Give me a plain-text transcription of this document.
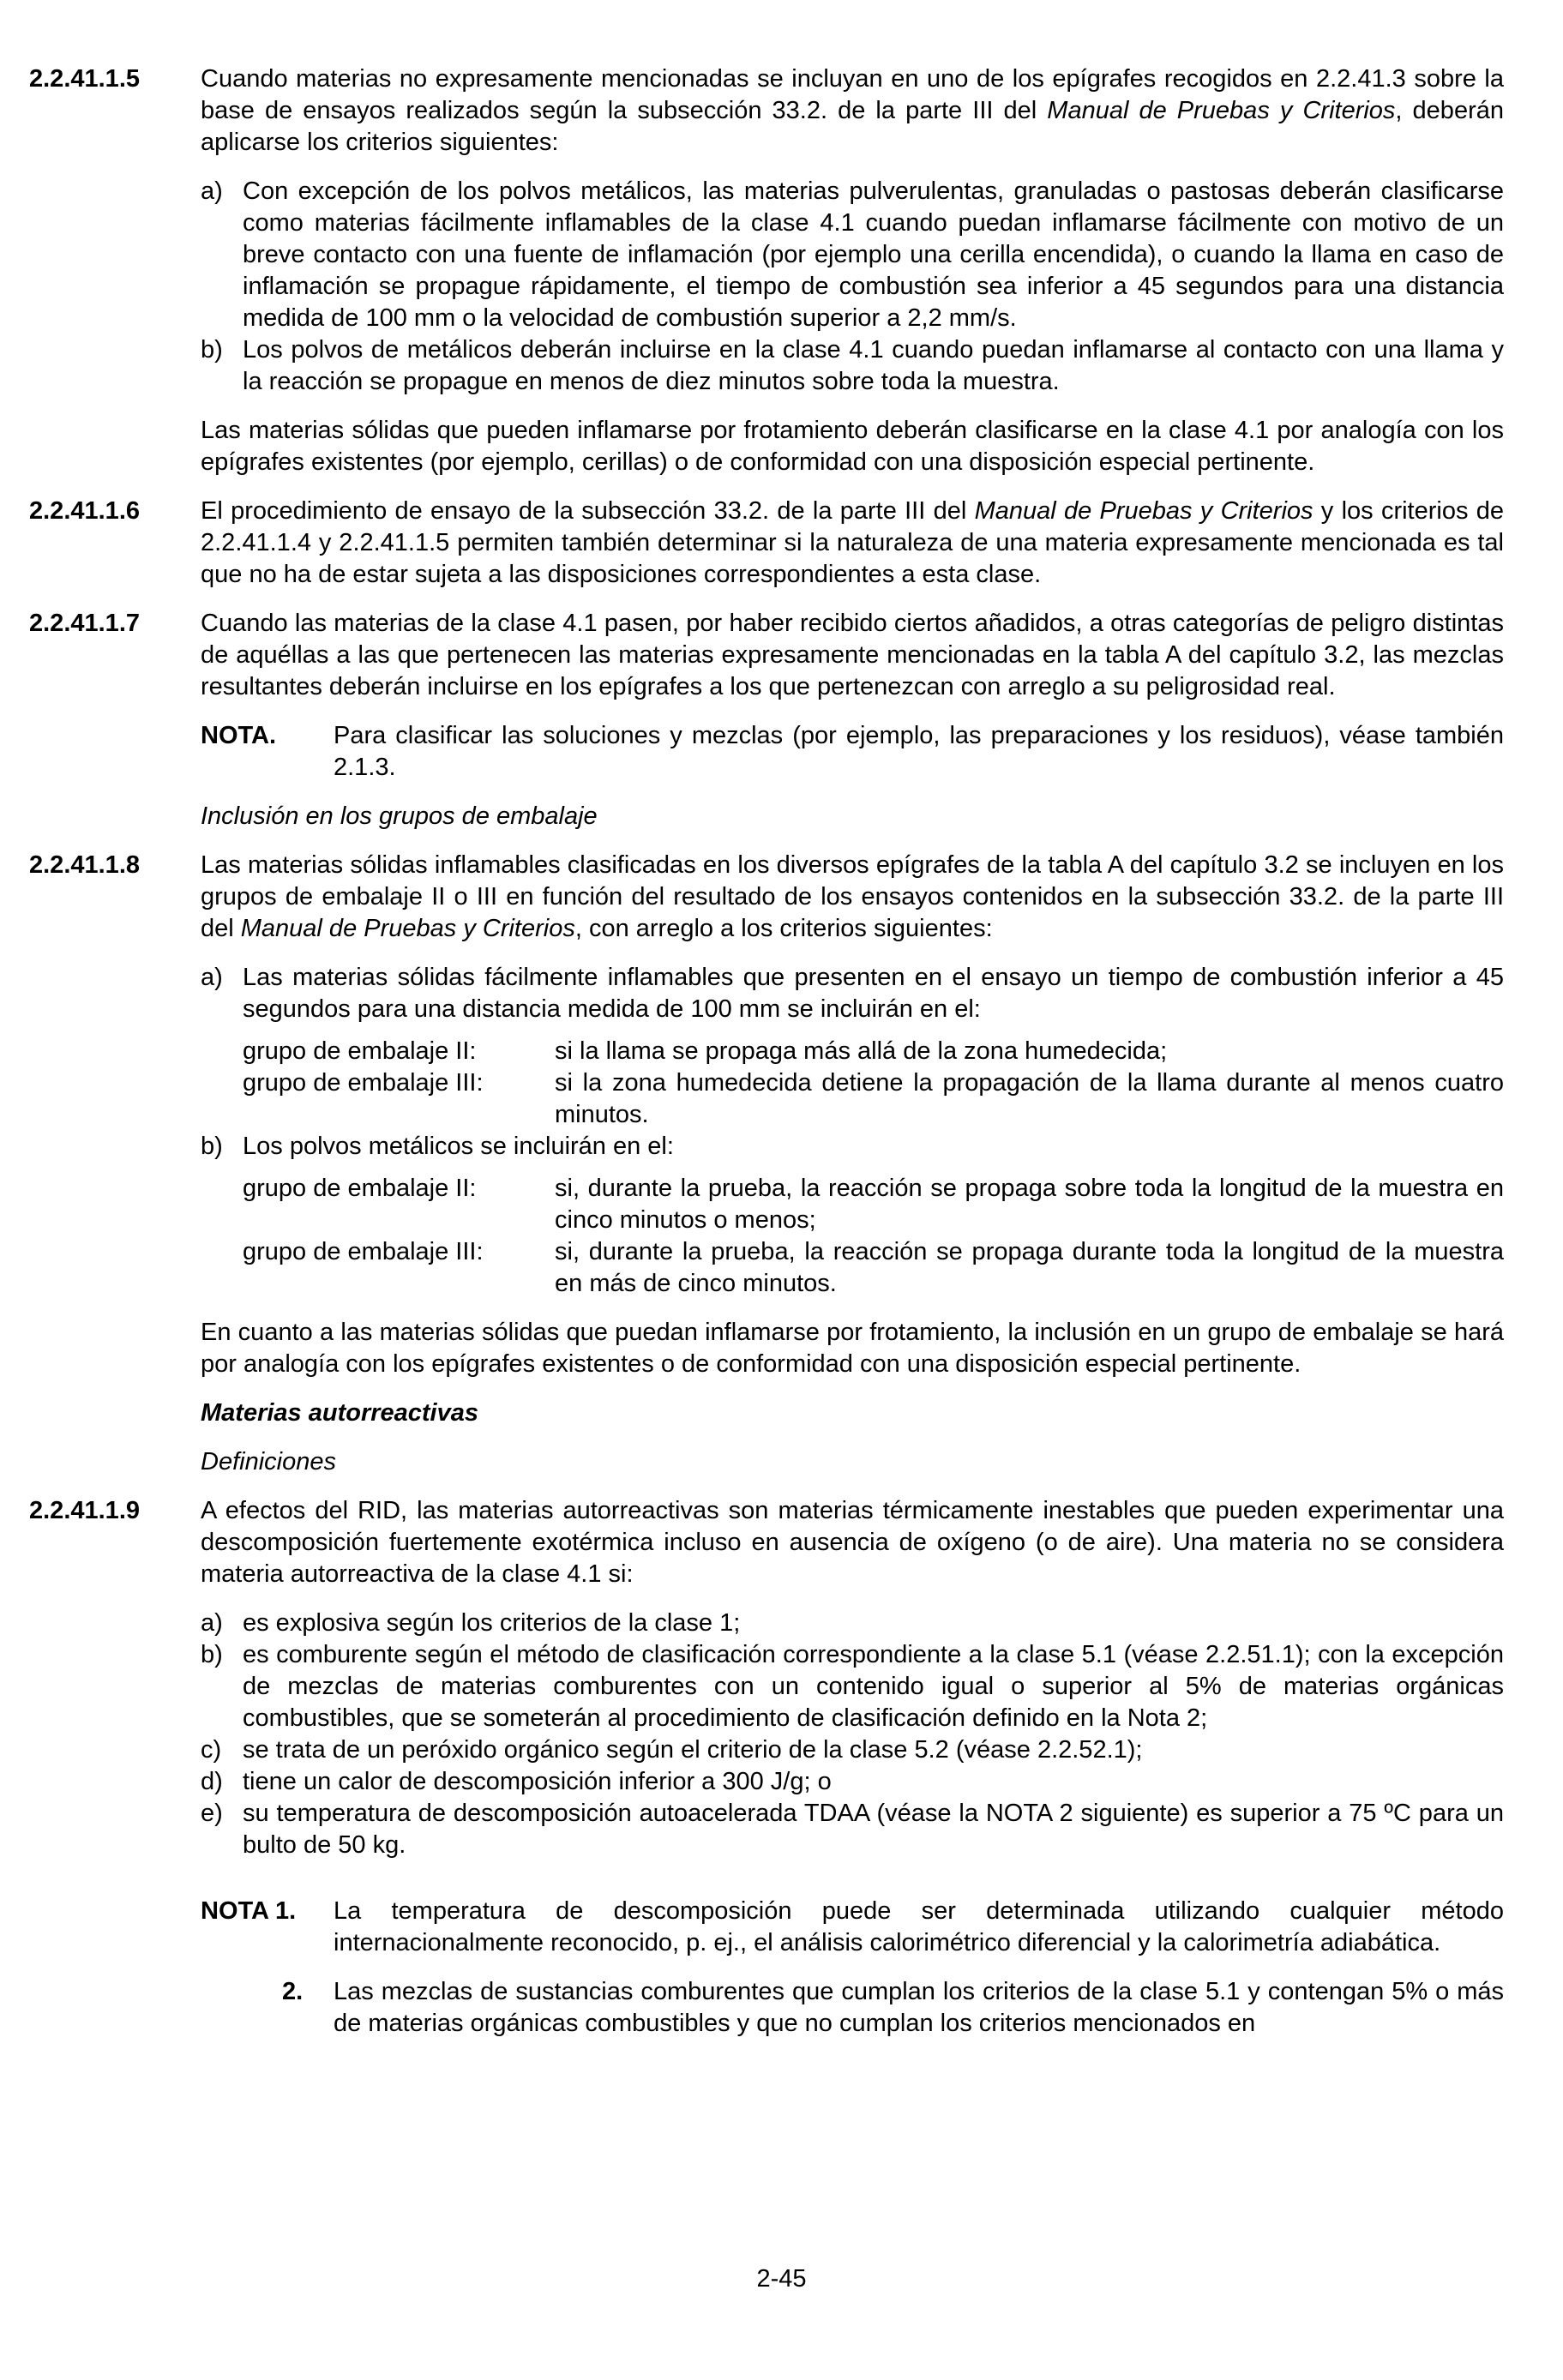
2.2.41.1.5	Cuando materias no expresamente mencionadas se incluyan en uno de los epígrafes recogidos en 2.2.41.3 sobre la base de ensayos realizados según la subsección 33.2. de la parte III del Manual de Pruebas y Criterios, deberán aplicarse los criterios siguientes:

a) Con excepción de los polvos metálicos, las materias pulverulentas, granuladas o pastosas deberán clasificarse como materias fácilmente inflamables de la clase 4.1 cuando puedan inflamarse fácilmente con motivo de un breve contacto con una fuente de inflamación (por ejemplo una cerilla encendida), o cuando la llama en caso de inflamación se propague rápidamente, el tiempo de combustión sea inferior a 45 segundos para una distancia medida de 100 mm o la velocidad de combustión superior a 2,2 mm/s.
b) Los polvos de metálicos deberán incluirse en la clase 4.1 cuando puedan inflamarse al contacto con una llama y la reacción se propague en menos de diez minutos sobre toda la muestra.

Las materias sólidas que pueden inflamarse por frotamiento deberán clasificarse en la clase 4.1 por analogía con los epígrafes existentes (por ejemplo, cerillas) o de conformidad con una disposición especial pertinente.

2.2.41.1.6	El procedimiento de ensayo de la subsección 33.2. de la parte III del Manual de Pruebas y Criterios y los criterios de 2.2.41.1.4 y 2.2.41.1.5 permiten también determinar si la naturaleza de una materia expresamente mencionada es tal que no ha de estar sujeta a las disposiciones correspondientes a esta clase.

2.2.41.1.7	Cuando las materias de la clase 4.1 pasen, por haber recibido ciertos añadidos, a otras categorías de peligro distintas de aquéllas a las que pertenecen las materias expresamente mencionadas en la tabla A del capítulo 3.2, las mezclas resultantes deberán incluirse en los epígrafes a los que pertenezcan con arreglo a su peligrosidad real.

NOTA.	Para clasificar las soluciones y mezclas (por ejemplo, las preparaciones y los residuos), véase también 2.1.3.

Inclusión en los grupos de embalaje

2.2.41.1.8	Las materias sólidas inflamables clasificadas en los diversos epígrafes de la tabla A del capítulo 3.2 se incluyen en los grupos de embalaje II o III en función del resultado de los ensayos contenidos en la subsección 33.2. de la parte III del Manual de Pruebas y Criterios, con arreglo a los criterios siguientes:

a) Las materias sólidas fácilmente inflamables que presenten en el ensayo un tiempo de combustión inferior a 45 segundos para una distancia medida de 100 mm se incluirán en el:
grupo de embalaje II:	si la llama se propaga más allá de la zona humedecida;
grupo de embalaje III:	si la zona humedecida detiene la propagación de la llama durante al menos cuatro minutos.
b) Los polvos metálicos se incluirán en el:
grupo de embalaje II:	si, durante la prueba, la reacción se propaga sobre toda la longitud de la muestra en cinco minutos o menos;
grupo de embalaje III:	si, durante la prueba, la reacción se propaga durante toda la longitud de la muestra en más de cinco minutos.

En cuanto a las materias sólidas que puedan inflamarse por frotamiento, la inclusión en un grupo de embalaje se hará por analogía con los epígrafes existentes o de conformidad con una disposición especial pertinente.

Materias autorreactivas

Definiciones

2.2.41.1.9	A efectos del RID, las materias autorreactivas son materias térmicamente inestables que pueden experimentar una descomposición fuertemente exotérmica incluso en ausencia de oxígeno (o de aire). Una materia no se considera materia autorreactiva de la clase 4.1 si:

a) es explosiva según los criterios de la clase 1;
b) es comburente según el método de clasificación correspondiente a la clase 5.1 (véase 2.2.51.1); con la excepción de mezclas de materias comburentes con un contenido igual o superior al 5% de materias orgánicas combustibles, que se someterán al procedimiento de clasificación definido en la Nota 2;
c) se trata de un peróxido orgánico según el criterio de la clase 5.2 (véase 2.2.52.1);
d) tiene un calor de descomposición inferior a 300 J/g; o
e) su temperatura de descomposición autoacelerada TDAA (véase la NOTA 2 siguiente) es superior a 75 ºC para un bulto de 50 kg.
NOTA 1.	La temperatura de descomposición puede ser determinada utilizando cualquier método internacionalmente reconocido, p. ej., el análisis calorimétrico diferencial y la calorimetría adiabática.
2.	Las mezclas de sustancias comburentes que cumplan los criterios de la clase 5.1 y contengan 5% o más de materias orgánicas combustibles y que no cumplan los criterios mencionados en
2-45
